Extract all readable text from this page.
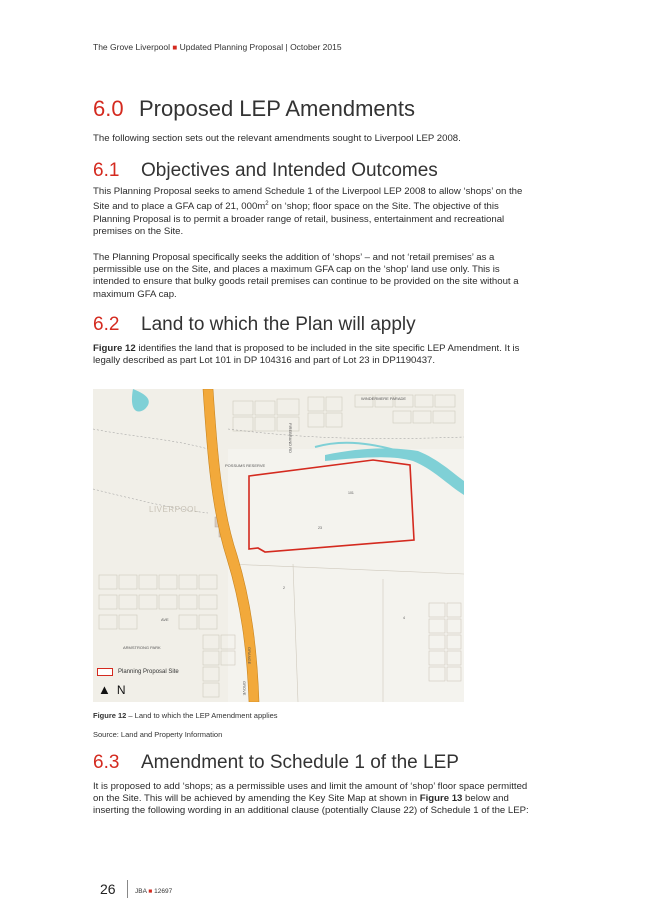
The Grove Liverpool ■ Updated Planning Proposal | October 2015
6.0 Proposed LEP Amendments

The following section sets out the relevant amendments sought to Liverpool LEP 2008.

6.1 Objectives and Intended Outcomes

This Planning Proposal seeks to amend Schedule 1 of the Liverpool LEP 2008 to allow ‘shops’ on the Site and to place a GFA cap of 21, $000m^2$ on ‘shop; floor space on the Site. The objective of this Planning Proposal is to permit a broader range of retail, business, entertainment and recreational premises on the Site.

The Planning Proposal specifically seeks the addition of ‘shops’ – and not ‘retail premises’ as a permissible use on the Site, and places a maximum GFA cap on the ‘shop’ land use only. This is intended to ensure that bulky goods retail premises can continue to be provided on the site without a maximum GFA cap.

6.2 Land to which the Plan will apply

Figure 12 identifies the land that is proposed to be included in the site specific LEP Amendment. It is legally described as part Lot 101 in DP 104316 and part of Lot 23 in DP1190437.

LIVERPOOL
POSSUMS RESERVE
WINDERMERE PARADE
FIREBRAND RD
ARMSTRONG PARK
AVE
GROVE
ORANGE
101
23
2
4
Planning Proposal Site
▲ N
Figure 12 – Land to which the LEP Amendment applies
Source: Land and Property Information
6.3 Amendment to Schedule 1 of the LEP

It is proposed to add ‘shops; as a permissible uses and limit the amount of ‘shop’ floor space permitted on the Site. This will be achieved by amending the Key Site Map at shown in Figure 13 below and inserting the following wording in an additional clause (potentially Clause 22) of Schedule 1 of the LEP:

26	JBA ■ 12697
